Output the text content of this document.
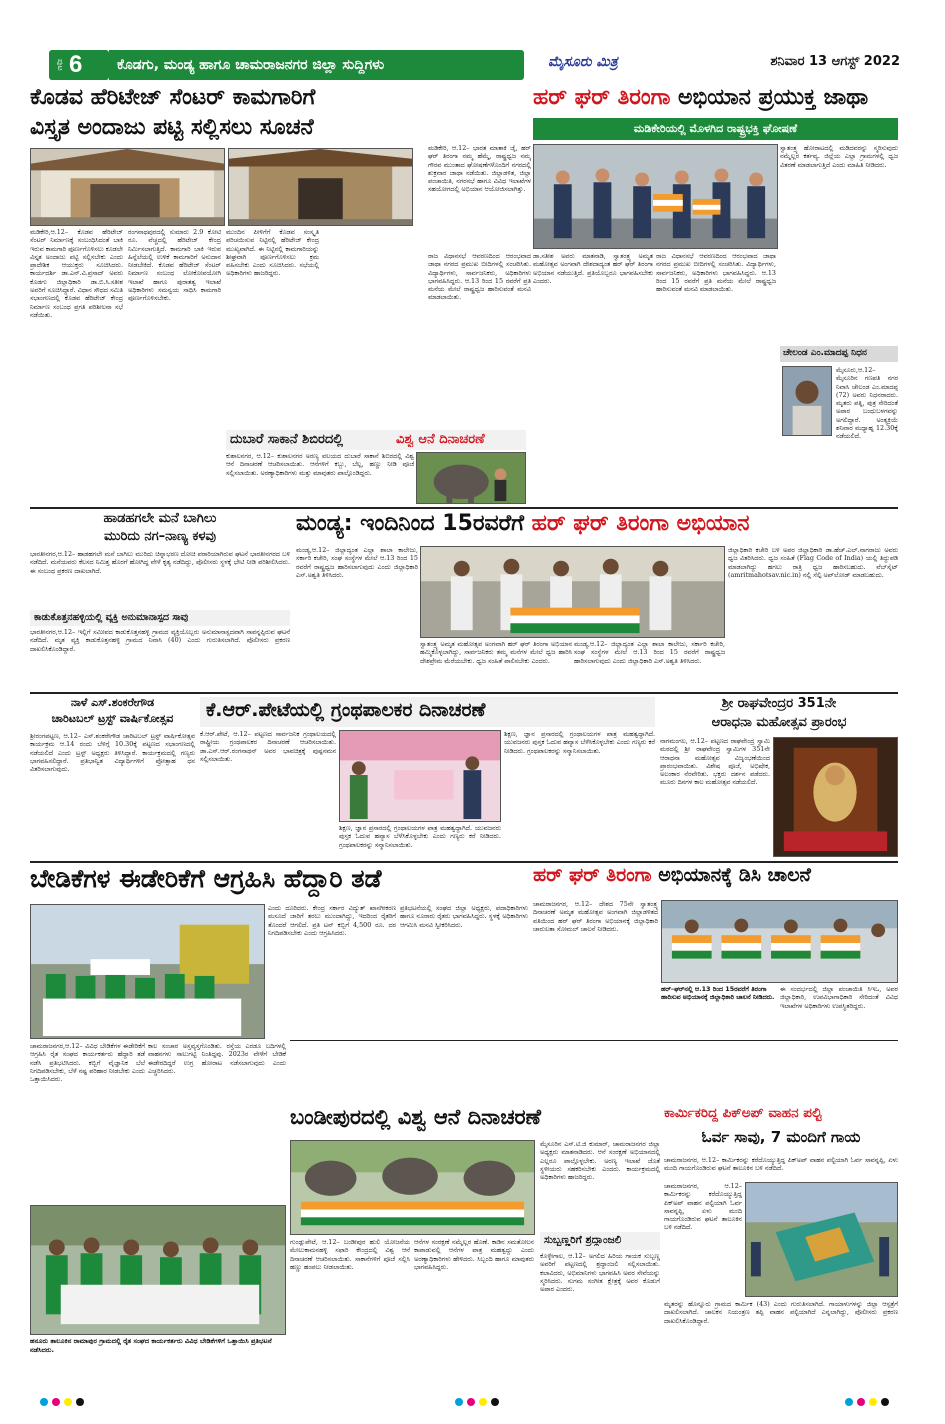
ಪುಟ 6	ಕೊಡಗು, ಮಂಡ್ಯ ಹಾಗೂ ಚಾಮರಾಜನಗರ ಜಿಲ್ಲಾ ಸುದ್ದಿಗಳು	ಮೈಸೂರು ಮಿತ್ರ	ಶನಿವಾರ 13 ಆಗಸ್ಟ್ 2022
ಕೊಡವ ಹೆರಿಟೇಜ್ ಸೆಂಟರ್ ಕಾಮಗಾರಿಗೆ
ವಿಸ್ತೃತ ಅಂದಾಜು ಪಟ್ಟಿ ಸಲ್ಲಿಸಲು ಸೂಚನೆ
ಮಡಿಕೇರಿ,ಆ.12– ಕೊಡವ ಹೆರಿಟೇಜ್ ಸೆಂಟರ್ ನಿರ್ಮಾಣಕ್ಕೆ ಸಂಬಂಧಿಸಿದಂತೆ ಬಾಕಿ ಇರುವ ಕಾಮಗಾರಿ ಪೂರ್ಣಗೊಳಿಸಲು ಕೂಡಲೇ ವಿಸ್ತೃತ ಅಂದಾಜು ಪಟ್ಟಿ ಸಲ್ಲಿಸಬೇಕು ಎಂದು ಪ್ರಾದೇಶಿಕ ಆಯುಕ್ತರು ಸೂಚಿಸಿದರು. ಕಾರ್ಯದರ್ಶಿ ಡಾ.ಎನ್.ವಿ.ಪ್ರಸಾದ್ ಅವರು ಕೊಡಗು ಜಿಲ್ಲಾಧಿಕಾರಿ ಡಾ.ಬಿ.ಸಿ.ಸತೀಶ ಅವರಿಗೆ ಸೂಚಿಸಿದ್ದಾರೆ. ವಿಧಾನ ಸೌಧದ ಸಮಿತಿ ಸಭಾಂಗಣದಲ್ಲಿ ಕೊಡವ ಹೆರಿಟೇಜ್ ಕೇಂದ್ರ ನಿರ್ಮಾಣ ಸಂಬಂಧ ಪ್ರಗತಿ ಪರಿಶೀಲನಾ ಸಭೆ ನಡೆಯಿತು.
ರಂಗನಾಥಪುರದಲ್ಲಿ ಸುಮಾರು 2.9 ಕೋಟಿ ರೂ. ವೆಚ್ಚದಲ್ಲಿ ಹೆರಿಟೇಜ್ ಕೇಂದ್ರ ನಿರ್ಮಿಸಲಾಗುತ್ತಿದೆ. ಕಾಮಗಾರಿ ಬಾಕಿ ಇರುವ ಹಿನ್ನೆಲೆಯಲ್ಲಿ ಉಳಿಕೆ ಕಾಮಗಾರಿಗೆ ಅನುದಾನ ನೀಡಬೇಕಿದೆ. ಕೊಡವ ಹೆರಿಟೇಜ್ ಸೆಂಟರ್ ನಿರ್ಮಾಣ ಸಂಬಂಧ ಲೋಕೋಪಯೋಗಿ ಇಲಾಖೆ ಹಾಗೂ ಪುರಾತತ್ವ ಇಲಾಖೆ ಅಧಿಕಾರಿಗಳು ಸಮನ್ವಯ ಸಾಧಿಸಿ ಕಾಮಗಾರಿ ಪೂರ್ಣಗೊಳಿಸಬೇಕು.
ಮುಂದಿನ ಪೀಳಿಗೆಗೆ ಕೊಡವ ಸಂಸ್ಕೃತಿ ಪರಿಚಯಿಸುವ ನಿಟ್ಟಿನಲ್ಲಿ ಹೆರಿಟೇಜ್ ಕೇಂದ್ರ ಮುಖ್ಯವಾಗಿದೆ. ಈ ನಿಟ್ಟಿನಲ್ಲಿ ಕಾಮಗಾರಿಯನ್ನು ಶೀಘ್ರವಾಗಿ ಪೂರ್ಣಗೊಳಿಸಲು ಕ್ರಮ ವಹಿಸಬೇಕು ಎಂದು ಸೂಚಿಸಿದರು. ಸಭೆಯಲ್ಲಿ ಅಧಿಕಾರಿಗಳು ಹಾಜರಿದ್ದರು.
ದುಬಾರೆ ಸಾಕಾನೆ ಶಿಬಿರದಲ್ಲಿ	ವಿಶ್ವ ಆನೆ ದಿನಾಚರಣೆ
ಕುಶಾಲನಗರ, ಆ.12– ಕುಶಾಲನಗರ ಅರಣ್ಯ ವಲಯದ ದುಬಾರೆ ಸಾಕಾನೆ ಶಿಬಿರದಲ್ಲಿ ವಿಶ್ವ ಆನೆ ದಿನಾಚರಣೆ ಆಚರಿಸಲಾಯಿತು. ಆನೆಗಳಿಗೆ ಕಬ್ಬು, ಬೆಲ್ಲ, ಹಣ್ಣು ನೀಡಿ ಪೂಜೆ ಸಲ್ಲಿಸಲಾಯಿತು. ಅರಣ್ಯಾಧಿಕಾರಿಗಳು ಮತ್ತು ಮಾವುತರು ಪಾಲ್ಗೊಂಡಿದ್ದರು.
ಹರ್ ಘರ್ ತಿರಂಗಾ ಅಭಿಯಾನ ಪ್ರಯುಕ್ತ ಜಾಥಾ
ಮಡಿಕೇರಿಯಲ್ಲಿ ಮೊಳಗಿದ ರಾಷ್ಟ್ರಭಕ್ತಿ ಘೋಷಣೆ
ಮಡಿಕೇರಿ, ಆ.12– ಭಾರತ ಮಾತಾಕಿ ಜೈ, ಹರ್ ಘರ್ ತಿರಂಗಾ ನಮ್ಮ ಹೆಮ್ಮೆ, ರಾಷ್ಟ್ರಧ್ವಜ ನಮ್ಮ ಗೌರವ ಮುಂತಾದ ಘೋಷಣೆಗಳೊಂದಿಗೆ ನಗರದಲ್ಲಿ ಶುಕ್ರವಾರ ಜಾಥಾ ನಡೆಯಿತು. ಜಿಲ್ಲಾಡಳಿತ, ಜಿಲ್ಲಾ ಪಂಚಾಯಿತಿ, ನಗರಸಭೆ ಹಾಗೂ ವಿವಿಧ ಇಲಾಖೆಗಳ ಸಹಯೋಗದಲ್ಲಿ ಅಭಿಯಾನ ಆಯೋಜಿಸಲಾಗಿತ್ತು.
ಸ್ವಾತಂತ್ರ್ಯ ಹೋರಾಟದಲ್ಲಿ ಮಡಿದವರನ್ನು ಸ್ಮರಿಸುವುದು ನಮ್ಮೆಲ್ಲರ ಕರ್ತವ್ಯ. ಜಿಲ್ಲೆಯ ಎಲ್ಲಾ ಗ್ರಾಮಗಳಲ್ಲಿ ಧ್ವಜ ವಿತರಣೆ ಮಾಡಲಾಗುತ್ತಿದೆ ಎಂದು ಮಾಹಿತಿ ನೀಡಿದರು.
ರಾಜ ವಿಧಾನಸಭೆ ಆವರಣದಿಂದ ಆರಂಭವಾದ ಜಾಥಾ ನಗರದ ಪ್ರಮುಖ ಬೀದಿಗಳಲ್ಲಿ ಸಂಚರಿಸಿತು. ವಿದ್ಯಾರ್ಥಿಗಳು, ಸಾರ್ವಜನಿಕರು, ಅಧಿಕಾರಿಗಳು ಭಾಗವಹಿಸಿದ್ದರು. ಆ.13 ರಿಂದ 15 ರವರೆಗೆ ಪ್ರತಿ ಮನೆಯ ಮೇಲೆ ರಾಷ್ಟ್ರಧ್ವಜ ಹಾರಿಸುವಂತೆ ಮನವಿ ಮಾಡಲಾಯಿತು.
ಡಾ.ಸತೀಶ ಅವರು ಮಾತನಾಡಿ, ಸ್ವಾತಂತ್ರ್ಯ ಅಮೃತ ಮಹೋತ್ಸವ ಅಂಗವಾಗಿ ದೇಶದಾದ್ಯಂತ ಹರ್ ಘರ್ ತಿರಂಗಾ ಅಭಿಯಾನ ನಡೆಯುತ್ತಿದೆ. ಪ್ರತಿಯೊಬ್ಬರೂ ಭಾಗವಹಿಸಬೇಕು ಎಂದರು.
ರಾಜ ವಿಧಾನಸಭೆ ಆವರಣದಿಂದ ಆರಂಭವಾದ ಜಾಥಾ ನಗರದ ಪ್ರಮುಖ ಬೀದಿಗಳಲ್ಲಿ ಸಂಚರಿಸಿತು. ವಿದ್ಯಾರ್ಥಿಗಳು, ಸಾರ್ವಜನಿಕರು, ಅಧಿಕಾರಿಗಳು ಭಾಗವಹಿಸಿದ್ದರು. ಆ.13 ರಿಂದ 15 ರವರೆಗೆ ಪ್ರತಿ ಮನೆಯ ಮೇಲೆ ರಾಷ್ಟ್ರಧ್ವಜ ಹಾರಿಸುವಂತೆ ಮನವಿ ಮಾಡಲಾಯಿತು.
ಚೇಲಂಡ ಎಂ.ಮಾದಪ್ಪ ನಿಧನ
ಮೈಸೂರು,ಆ.12– ಮೈಸೂರಿನ ಗಣಪತಿ ನಗರ ನಿವಾಸಿ ಚೇಲಂಡ ಎಂ.ಮಾದಪ್ಪ (72) ಅವರು ನಿಧನರಾದರು. ಮೃತರು ಪತ್ನಿ, ಪುತ್ರ ಸೇರಿದಂತೆ ಅಪಾರ ಬಂಧುಬಳಗವನ್ನು ಅಗಲಿದ್ದಾರೆ. ಅಂತ್ಯಕ್ರಿಯೆ ಶನಿವಾರ ಮಧ್ಯಾಹ್ನ 12.30ಕ್ಕೆ ನಡೆಯಲಿದೆ.
ಹಾಡಹಗಲೇ ಮನೆ ಬಾಗಿಲು
ಮುರಿದು ನಗ–ನಾಣ್ಯ ಕಳವು
ಭಾರತೀನಗರ,ಆ.12– ಹಾಡಹಗಲೇ ಮನೆ ಬಾಗಿಲು ಮುರಿದು ಚಿನ್ನಾಭರಣ ದೋಚಿ ಪರಾರಿಯಾಗಿರುವ ಘಟನೆ ಭಾರತೀನಗರದ ಬಳಿ ನಡೆದಿದೆ. ಮನೆಯವರು ಕೆಲಸದ ನಿಮಿತ್ತ ಹೊರಗೆ ಹೋಗಿದ್ದ ವೇಳೆ ಕೃತ್ಯ ನಡೆದಿದ್ದು, ಪೊಲೀಸರು ಸ್ಥಳಕ್ಕೆ ಭೇಟಿ ನೀಡಿ ಪರಿಶೀಲಿಸಿದರು. ಈ ಸಂಬಂಧ ಪ್ರಕರಣ ದಾಖಲಾಗಿದೆ.
ಕಾಡುಕೊತ್ತನಹಳ್ಳಿಯಲ್ಲಿ ವ್ಯಕ್ತಿ ಅನುಮಾನಾಸ್ಪದ ಸಾವು
ಭಾರತೀನಗರ,ಆ.12– ಇಲ್ಲಿಗೆ ಸಮೀಪದ ಕಾಡುಕೊತ್ತನಹಳ್ಳಿ ಗ್ರಾಮದ ವ್ಯಕ್ತಿಯೊಬ್ಬರು ಅನುಮಾನಾಸ್ಪದವಾಗಿ ಸಾವನ್ನಪ್ಪಿರುವ ಘಟನೆ ನಡೆದಿದೆ. ಮೃತ ವ್ಯಕ್ತಿ ಕಾಡುಕೊತ್ತನಹಳ್ಳಿ ಗ್ರಾಮದ ನಿವಾಸಿ (40) ಎಂದು ಗುರುತಿಸಲಾಗಿದೆ. ಪೊಲೀಸರು ಪ್ರಕರಣ ದಾಖಲಿಸಿಕೊಂಡಿದ್ದಾರೆ.
ಮಂಡ್ಯ: ಇಂದಿನಿಂದ 15ರವರೆಗೆ ಹರ್ ಘರ್ ತಿರಂಗಾ ಅಭಿಯಾನ
ಮಂಡ್ಯ,ಆ.12– ಜಿಲ್ಲಾದ್ಯಂತ ಎಲ್ಲಾ ಶಾಲಾ ಕಾಲೇಜು, ಸರ್ಕಾರಿ ಕಚೇರಿ, ಸಂಘ ಸಂಸ್ಥೆಗಳ ಮೇಲೆ ಆ.13 ರಿಂದ 15 ರವರೆಗೆ ರಾಷ್ಟ್ರಧ್ವಜ ಹಾರಿಸಲಾಗುವುದು ಎಂದು ಜಿಲ್ಲಾಧಿಕಾರಿ ಎಸ್.ಅಶ್ವತಿ ತಿಳಿಸಿದರು.
ಸ್ವಾತಂತ್ರ್ಯ ಅಮೃತ ಮಹೋತ್ಸವ ಅಂಗವಾಗಿ ಹರ್ ಘರ್ ತಿರಂಗಾ ಅಭಿಯಾನ ಹಮ್ಮಿಕೊಳ್ಳಲಾಗಿದ್ದು, ಸಾರ್ವಜನಿಕರು ತಮ್ಮ ಮನೆಗಳ ಮೇಲೆ ಧ್ವಜ ಹಾರಿಸಿ ದೇಶಪ್ರೇಮ ಮೆರೆಯಬೇಕು. ಧ್ವಜ ಸಂಹಿತೆ ಪಾಲಿಸಬೇಕು ಎಂದರು.
ಮಂಡ್ಯ,ಆ.12– ಜಿಲ್ಲಾದ್ಯಂತ ಎಲ್ಲಾ ಶಾಲಾ ಕಾಲೇಜು, ಸರ್ಕಾರಿ ಕಚೇರಿ, ಸಂಘ ಸಂಸ್ಥೆಗಳ ಮೇಲೆ ಆ.13 ರಿಂದ 15 ರವರೆಗೆ ರಾಷ್ಟ್ರಧ್ವಜ ಹಾರಿಸಲಾಗುವುದು ಎಂದು ಜಿಲ್ಲಾಧಿಕಾರಿ ಎಸ್.ಅಶ್ವತಿ ತಿಳಿಸಿದರು.
ಜಿಲ್ಲಾಧಿಕಾರಿ ಕಚೇರಿ ಬಳಿ ಅಪರ ಜಿಲ್ಲಾಧಿಕಾರಿ ಡಾ.ಹೆಚ್.ಎಲ್.ನಾಗರಾಜು ಅವರು ಧ್ವಜ ವಿತರಿಸಿದರು. ಧ್ವಜ ಸಂಹಿತೆ (Flag Code of India) ಯಲ್ಲಿ ತಿದ್ದುಪಡಿ ಮಾಡಲಾಗಿದ್ದು ಹಗಲು ರಾತ್ರಿ ಧ್ವಜ ಹಾರಿಸಬಹುದು. ವೆಬ್‌ಸೈಟ್ (amritmahotsav.nic.in) ನಲ್ಲಿ ಸೆಲ್ಫಿ ಅಪ್‌ಲೋಡ್ ಮಾಡಬಹುದು.
ನಾಳೆ ಎಸ್.ಶಂಕರೇಗೌಡ
ಚಾರಿಟಬಲ್ ಟ್ರಸ್ಟ್ ವಾರ್ಷಿಕೋತ್ಸವ
ಶ್ರೀರಂಗಪಟ್ಟಣ, ಆ.12– ಎಸ್.ಶಂಕರೇಗೌಡ ಚಾರಿಟಬಲ್ ಟ್ರಸ್ಟ್ ವಾರ್ಷಿಕೋತ್ಸವ ಕಾರ್ಯಕ್ರಮ ಆ.14 ರಂದು ಬೆಳಿಗ್ಗೆ 10.30ಕ್ಕೆ ಪಟ್ಟಣದ ಸಭಾಂಗಣದಲ್ಲಿ ನಡೆಯಲಿದೆ ಎಂದು ಟ್ರಸ್ಟ್ ಅಧ್ಯಕ್ಷರು ತಿಳಿಸಿದ್ದಾರೆ. ಕಾರ್ಯಕ್ರಮದಲ್ಲಿ ಗಣ್ಯರು ಭಾಗವಹಿಸಲಿದ್ದಾರೆ. ಪ್ರತಿಭಾನ್ವಿತ ವಿದ್ಯಾರ್ಥಿಗಳಿಗೆ ಪ್ರೋತ್ಸಾಹ ಧನ ವಿತರಿಸಲಾಗುವುದು.
ಕೆ.ಆರ್.ಪೇಟೆಯಲ್ಲಿ ಗ್ರಂಥಪಾಲಕರ ದಿನಾಚರಣೆ
ಕೆ.ಆರ್.ಪೇಟೆ, ಆ.12– ಪಟ್ಟಣದ ಸಾರ್ವಜನಿಕ ಗ್ರಂಥಾಲಯದಲ್ಲಿ ರಾಷ್ಟ್ರೀಯ ಗ್ರಂಥಪಾಲಕರ ದಿನಾಚರಣೆ ಆಚರಿಸಲಾಯಿತು. ಡಾ.ಎಸ್.ಆರ್.ರಂಗನಾಥನ್ ಅವರ ಭಾವಚಿತ್ರಕ್ಕೆ ಪುಷ್ಪನಮನ ಸಲ್ಲಿಸಲಾಯಿತು.
ಶಿಕ್ಷಣ, ಜ್ಞಾನ ಪ್ರಸಾರದಲ್ಲಿ ಗ್ರಂಥಾಲಯಗಳ ಪಾತ್ರ ಮಹತ್ವದ್ದಾಗಿದೆ. ಯುವಜನರು ಪುಸ್ತಕ ಓದುವ ಹವ್ಯಾಸ ಬೆಳೆಸಿಕೊಳ್ಳಬೇಕು ಎಂದು ಗಣ್ಯರು ಕರೆ ನೀಡಿದರು. ಗ್ರಂಥಪಾಲಕರನ್ನು ಸನ್ಮಾನಿಸಲಾಯಿತು.
ಶಿಕ್ಷಣ, ಜ್ಞಾನ ಪ್ರಸಾರದಲ್ಲಿ ಗ್ರಂಥಾಲಯಗಳ ಪಾತ್ರ ಮಹತ್ವದ್ದಾಗಿದೆ. ಯುವಜನರು ಪುಸ್ತಕ ಓದುವ ಹವ್ಯಾಸ ಬೆಳೆಸಿಕೊಳ್ಳಬೇಕು ಎಂದು ಗಣ್ಯರು ಕರೆ ನೀಡಿದರು. ಗ್ರಂಥಪಾಲಕರನ್ನು ಸನ್ಮಾನಿಸಲಾಯಿತು.
ಶ್ರೀ ರಾಘವೇಂದ್ರರ 351ನೇ
ಆರಾಧನಾ ಮಹೋತ್ಸವ ಪ್ರಾರಂಭ
ನಾಗಮಂಗಲ, ಆ.12– ಪಟ್ಟಣದ ರಾಘವೇಂದ್ರ ಸ್ವಾಮಿ ಮಠದಲ್ಲಿ ಶ್ರೀ ರಾಘವೇಂದ್ರ ಸ್ವಾಮಿಗಳ 351ನೇ ಆರಾಧನಾ ಮಹೋತ್ಸವ ವಿಜೃಂಭಣೆಯಿಂದ ಪ್ರಾರಂಭವಾಯಿತು. ವಿಶೇಷ ಪೂಜೆ, ಅಭಿಷೇಕ, ಅಲಂಕಾರ ನೆರವೇರಿತು. ಭಕ್ತರು ದರ್ಶನ ಪಡೆದರು. ಮೂರು ದಿನಗಳ ಕಾಲ ಮಹೋತ್ಸವ ನಡೆಯಲಿದೆ.
ಬೇಡಿಕೆಗಳ ಈಡೇರಿಕೆಗೆ ಆಗ್ರಹಿಸಿ ಹೆದ್ದಾರಿ ತಡೆ
ಎಂದು ದೂರಿದರು. ಕೇಂದ್ರ ಸರ್ಕಾರ ವಿದ್ಯುತ್ ಖಾಸಗೀಕರಣ ಮಸೂದೆ ಜಾರಿಗೆ ತರಲು ಮುಂದಾಗಿದ್ದು, ಇದರಿಂದ ರೈತರಿಗೆ ತೊಂದರೆ ಆಗಲಿದೆ. ಪ್ರತಿ ಟನ್ ಕಬ್ಬಿಗೆ 4,500 ರೂ. ದರ ನಿಗದಿಪಡಿಸಬೇಕು ಎಂದು ಆಗ್ರಹಿಸಿದರು.
ಪ್ರತಿಭಟನೆಯಲ್ಲಿ ಸಂಘದ ಜಿಲ್ಲಾ ಅಧ್ಯಕ್ಷರು, ಪದಾಧಿಕಾರಿಗಳು ಹಾಗೂ ನೂರಾರು ರೈತರು ಭಾಗವಹಿಸಿದ್ದರು. ಸ್ಥಳಕ್ಕೆ ಅಧಿಕಾರಿಗಳು ಆಗಮಿಸಿ ಮನವಿ ಸ್ವೀಕರಿಸಿದರು.
ಚಾಮರಾಜನಗರ,ಆ.12– ವಿವಿಧ ಬೇಡಿಕೆಗಳ ಈಡೇರಿಕೆಗೆ ಆಗ್ರಹಿಸಿ ರೈತ ಸಂಘದ ಕಾರ್ಯಕರ್ತರು ಹೆದ್ದಾರಿ ತಡೆ ನಡೆಸಿ ಪ್ರತಿಭಟಿಸಿದರು. ಕಬ್ಬಿಗೆ ವೈಜ್ಞಾನಿಕ ಬೆಲೆ ನಿಗದಿಪಡಿಸಬೇಕು, ಬೆಳೆ ನಷ್ಟ ಪರಿಹಾರ ನೀಡಬೇಕು ಎಂದು ಒತ್ತಾಯಿಸಿದರು.
ಕಾಲ ಸಂಚಾರ ಅಸ್ತವ್ಯಸ್ತಗೊಂಡಿತು. ರಸ್ತೆಯ ಎರಡೂ ಬದಿಗಳಲ್ಲಿ ವಾಹನಗಳು ಸಾಲುಗಟ್ಟಿ ನಿಂತಿದ್ದವು. 2023ರ ವೇಳೆಗೆ ಬೇಡಿಕೆ ಈಡೇರದಿದ್ದರೆ ಉಗ್ರ ಹೋರಾಟ ನಡೆಸಲಾಗುವುದು ಎಂದು ಎಚ್ಚರಿಸಿದರು.
ಹನೂರು ತಾಲೂಕಿನ ರಾಮಾಪುರ ಗ್ರಾಮದಲ್ಲಿ ರೈತ ಸಂಘದ ಕಾರ್ಯಕರ್ತರು ವಿವಿಧ ಬೇಡಿಕೆಗಳಿಗೆ ಒತ್ತಾಯಿಸಿ ಪ್ರತಿಭಟನೆ ನಡೆಸಿದರು.
ಹರ್ ಘರ್ ತಿರಂಗಾ ಅಭಿಯಾನಕ್ಕೆ ಡಿಸಿ ಚಾಲನೆ
ಚಾಮರಾಜನಗರ, ಆ.12– ದೇಶದ 75ನೇ ಸ್ವಾತಂತ್ರ್ಯ ದಿನಾಚರಣೆ ಅಮೃತ ಮಹೋತ್ಸವ ಅಂಗವಾಗಿ ಜಿಲ್ಲಾಡಳಿತದ ವತಿಯಿಂದ ಹರ್ ಘರ್ ತಿರಂಗಾ ಅಭಿಯಾನಕ್ಕೆ ಜಿಲ್ಲಾಧಿಕಾರಿ ಚಾರುಲತಾ ಸೋಮಲ್ ಚಾಲನೆ ನೀಡಿದರು.
ಹರ್–ಘರ್‌ನಲ್ಲಿ ಆ.13 ರಿಂದ 15ರವರೆಗೆ ತಿರಂಗಾ ಹಾರಿಸುವ ಅಭಿಯಾನಕ್ಕೆ ಜಿಲ್ಲಾಧಿಕಾರಿ ಚಾಲನೆ ನೀಡಿದರು.
ಈ ಸಂದರ್ಭದಲ್ಲಿ ಜಿಲ್ಲಾ ಪಂಚಾಯಿತಿ ಸಿಇಒ, ಅಪರ ಜಿಲ್ಲಾಧಿಕಾರಿ, ಉಪವಿಭಾಗಾಧಿಕಾರಿ ಸೇರಿದಂತೆ ವಿವಿಧ ಇಲಾಖೆಗಳ ಅಧಿಕಾರಿಗಳು ಉಪಸ್ಥಿತರಿದ್ದರು.
ಬಂಡೀಪುರದಲ್ಲಿ ವಿಶ್ವ ಆನೆ ದಿನಾಚರಣೆ
ಗುಂಡ್ಲುಪೇಟೆ, ಆ.12– ಬಂಡೀಪುರ ಹುಲಿ ಯೋಜನೆಯ ಮೇಲುಕಾಮನಹಳ್ಳಿ ಸಫಾರಿ ಕೇಂದ್ರದಲ್ಲಿ ವಿಶ್ವ ಆನೆ ದಿನಾಚರಣೆ ಆಚರಿಸಲಾಯಿತು. ಸಾಕಾನೆಗಳಿಗೆ ಪೂಜೆ ಸಲ್ಲಿಸಿ ಹಣ್ಣು ಹಂಪಲು ನೀಡಲಾಯಿತು.
ಆನೆಗಳ ಸಂರಕ್ಷಣೆ ನಮ್ಮೆಲ್ಲರ ಹೊಣೆ. ಕಾಡಿನ ಸಮತೋಲನ ಕಾಪಾಡುವಲ್ಲಿ ಆನೆಗಳ ಪಾತ್ರ ಮಹತ್ವದ್ದು ಎಂದು ಅರಣ್ಯಾಧಿಕಾರಿಗಳು ಹೇಳಿದರು. ಸಿಬ್ಬಂದಿ ಹಾಗೂ ಮಾವುತರು ಭಾಗವಹಿಸಿದ್ದರು.
ಮೈಸೂರಿನ ಎಸ್.ಟಿ.ಜಿ ಕುಮಾರ್, ಚಾಮರಾಜನಗರ ಜಿಲ್ಲಾ ಅಧ್ಯಕ್ಷರು ಮಾತನಾಡಿದರು. ಆನೆ ಸಂರಕ್ಷಣೆ ಅಭಿಯಾನದಲ್ಲಿ ಎಲ್ಲರೂ ಪಾಲ್ಗೊಳ್ಳಬೇಕು. ಅರಣ್ಯ ಇಲಾಖೆ ಜೊತೆ ಸ್ಥಳೀಯರು ಸಹಕರಿಸಬೇಕು ಎಂದರು. ಕಾರ್ಯಕ್ರಮದಲ್ಲಿ ಅಧಿಕಾರಿಗಳು ಹಾಜರಿದ್ದರು.
ಸುಬ್ಬಣ್ಣರಿಗೆ ಶ್ರದ್ಧಾಂಜಲಿ
ಕೊಳ್ಳೇಗಾಲ, ಆ.12– ಅಗಲಿದ ಹಿರಿಯ ಗಾಯಕ ಸುಬ್ಬಣ್ಣ ಅವರಿಗೆ ಪಟ್ಟಣದಲ್ಲಿ ಶ್ರದ್ಧಾಂಜಲಿ ಸಲ್ಲಿಸಲಾಯಿತು. ಕಲಾವಿದರು, ಅಭಿಮಾನಿಗಳು ಭಾಗವಹಿಸಿ ಅವರ ಸೇವೆಯನ್ನು ಸ್ಮರಿಸಿದರು. ಸುಗಮ ಸಂಗೀತ ಕ್ಷೇತ್ರಕ್ಕೆ ಅವರ ಕೊಡುಗೆ ಅಪಾರ ಎಂದರು.
ಕಾರ್ಮಿಕರಿದ್ದ ಪಿಕ್‌ಅಪ್ ವಾಹನ ಪಲ್ಟಿ
ಓರ್ವ ಸಾವು, 7 ಮಂದಿಗೆ ಗಾಯ
ಚಾಮರಾಜನಗರ, ಆ.12– ಕಾರ್ಮಿಕರನ್ನು ಕರೆದೊಯ್ಯುತ್ತಿದ್ದ ಪಿಕ್‌ಅಪ್ ವಾಹನ ಪಲ್ಟಿಯಾಗಿ ಓರ್ವ ಸಾವನ್ನಪ್ಪಿ, ಏಳು ಮಂದಿ ಗಾಯಗೊಂಡಿರುವ ಘಟನೆ ತಾಲೂಕಿನ ಬಳಿ ನಡೆದಿದೆ.
ಚಾಮರಾಜನಗರ, ಆ.12– ಕಾರ್ಮಿಕರನ್ನು ಕರೆದೊಯ್ಯುತ್ತಿದ್ದ ಪಿಕ್‌ಅಪ್ ವಾಹನ ಪಲ್ಟಿಯಾಗಿ ಓರ್ವ ಸಾವನ್ನಪ್ಪಿ, ಏಳು ಮಂದಿ ಗಾಯಗೊಂಡಿರುವ ಘಟನೆ ತಾಲೂಕಿನ ಬಳಿ ನಡೆದಿದೆ.
ಮೃತರನ್ನು ಹೊನ್ನೂರು ಗ್ರಾಮದ ಕಾರ್ಮಿಕ (43) ಎಂದು ಗುರುತಿಸಲಾಗಿದೆ. ಗಾಯಾಳುಗಳನ್ನು ಜಿಲ್ಲಾ ಆಸ್ಪತ್ರೆಗೆ ದಾಖಲಿಸಲಾಗಿದೆ. ಚಾಲಕನ ನಿಯಂತ್ರಣ ತಪ್ಪಿ ವಾಹನ ಪಲ್ಟಿಯಾಗಿದೆ ಎನ್ನಲಾಗಿದ್ದು, ಪೊಲೀಸರು ಪ್ರಕರಣ ದಾಖಲಿಸಿಕೊಂಡಿದ್ದಾರೆ.
